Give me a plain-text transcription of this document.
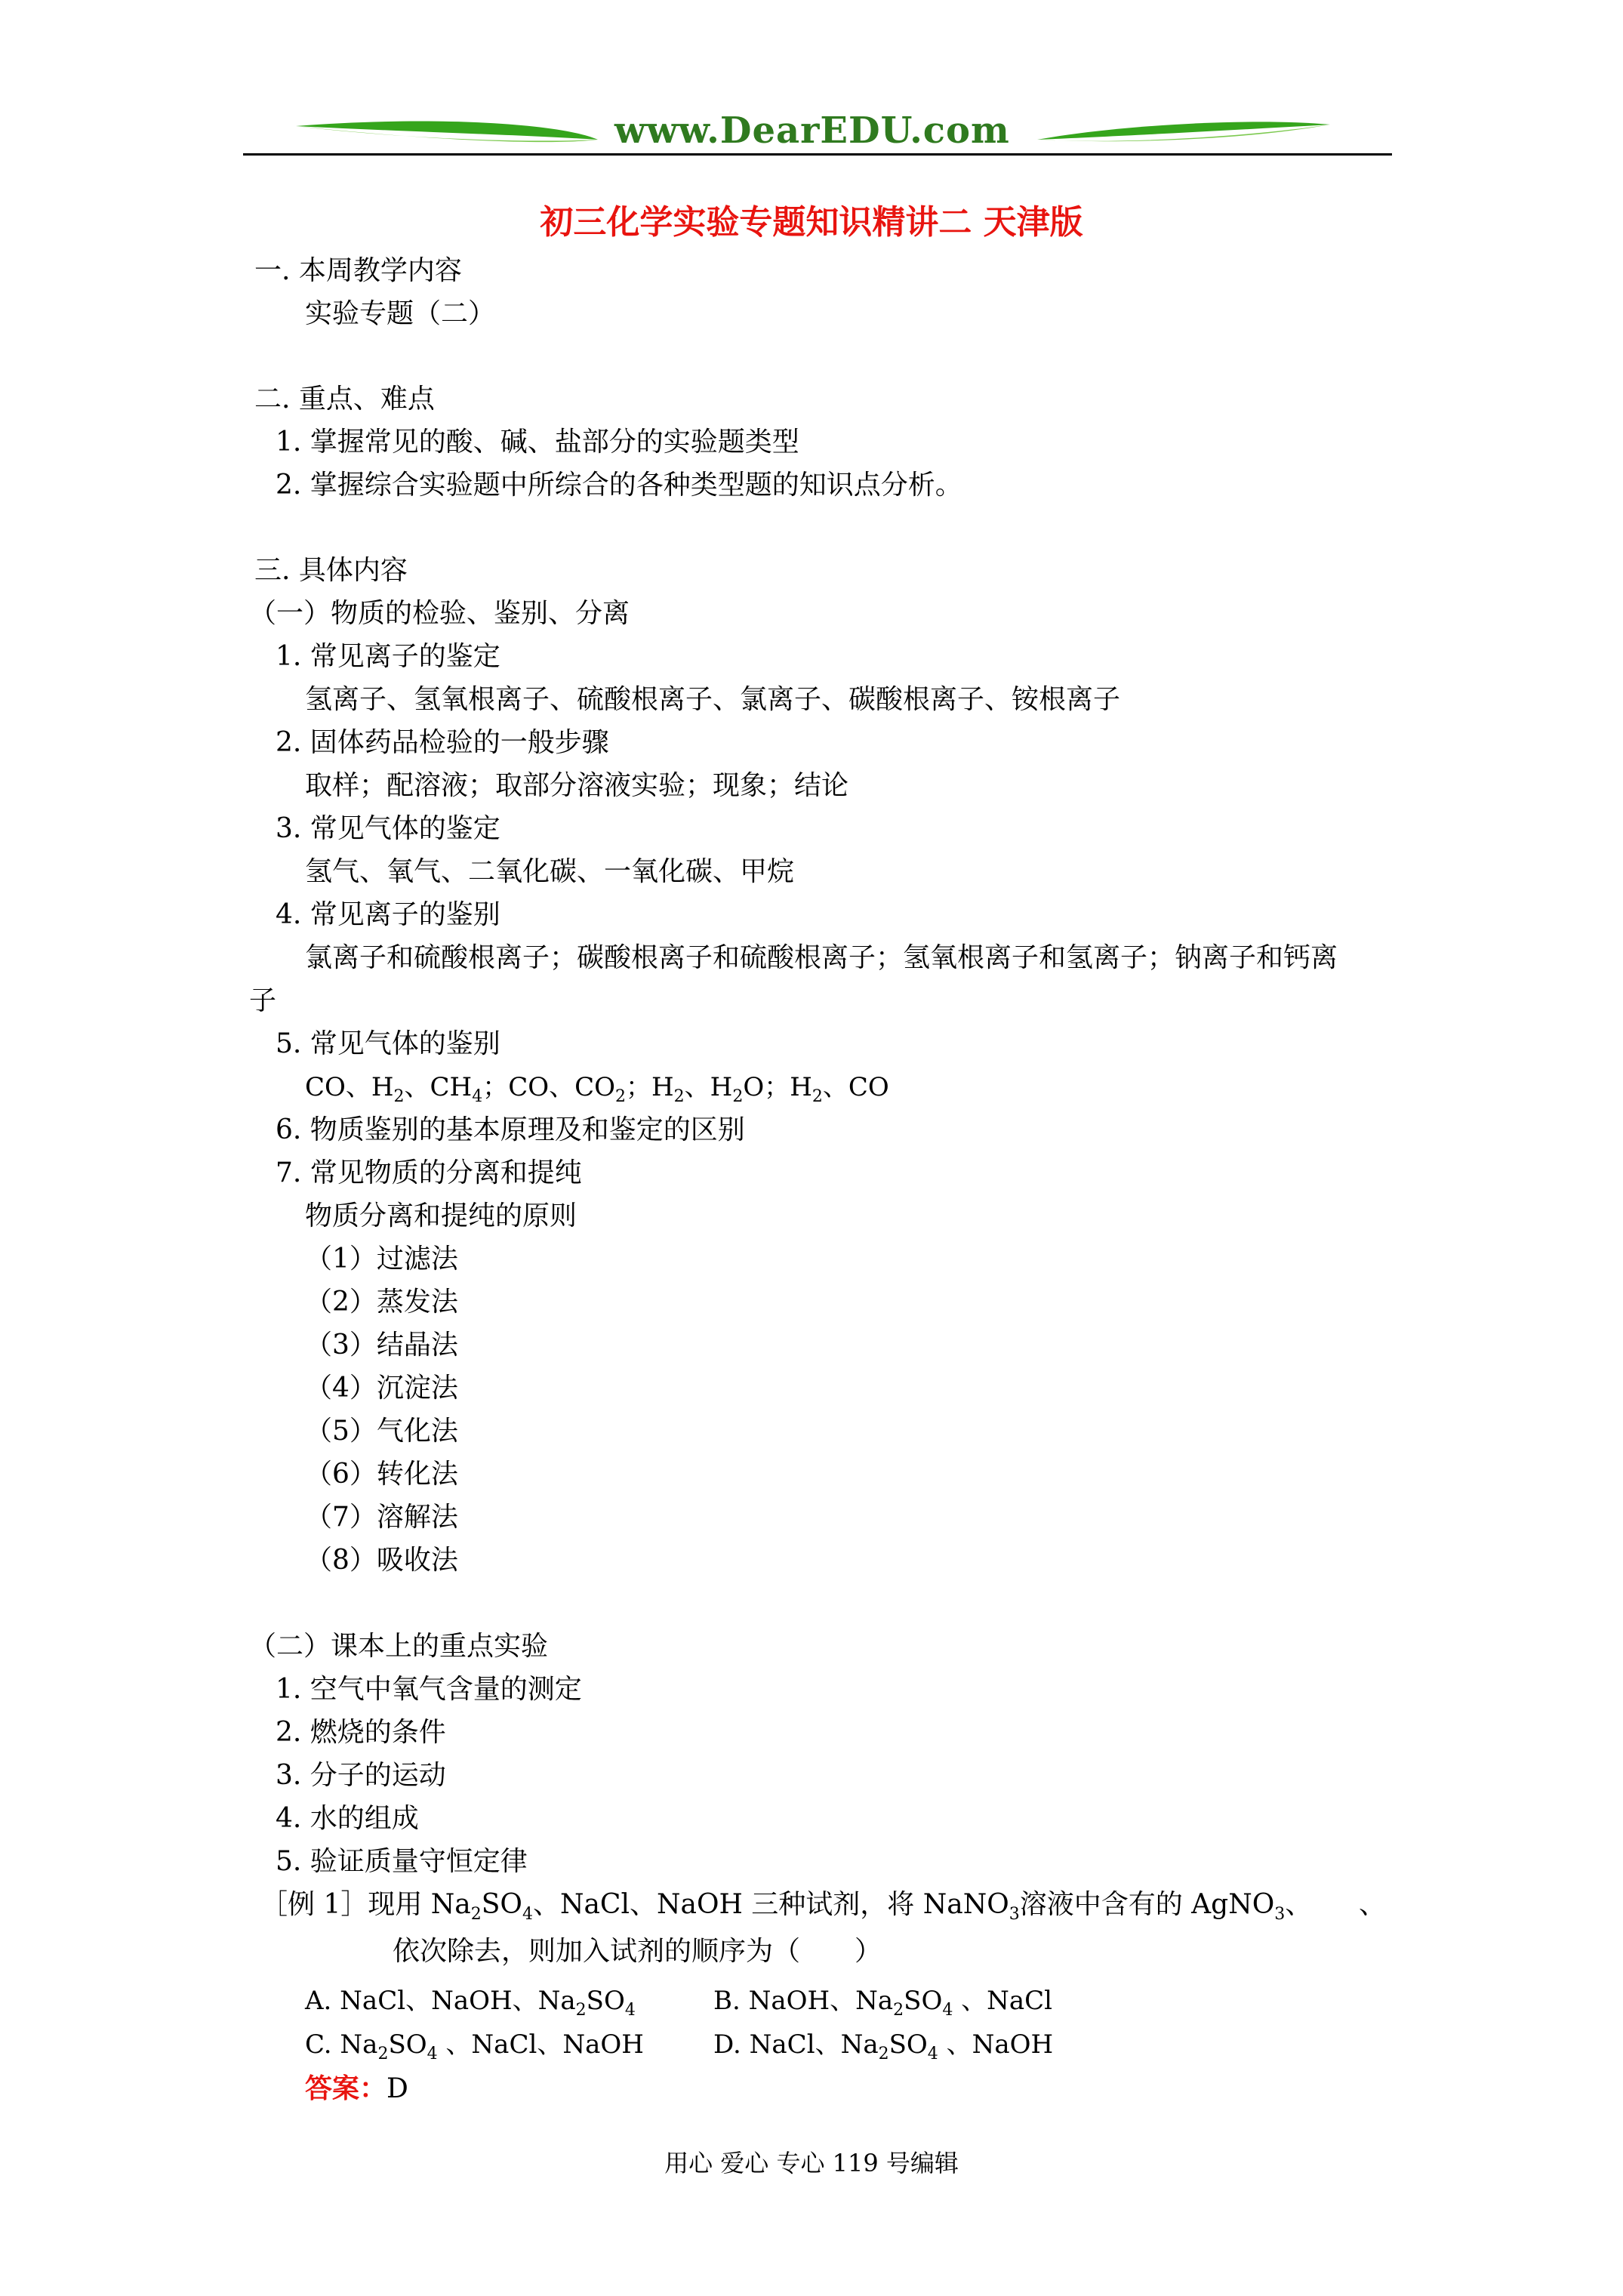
www.DearEDU.com
初三化学实验专题知识精讲二 天津版
一. 本周教学内容
实验专题（二）
二. 重点、难点
1. 掌握常见的酸、碱、盐部分的实验题类型
2. 掌握综合实验题中所综合的各种类型题的知识点分析。
三. 具体内容
（一）物质的检验、鉴别、分离
1. 常见离子的鉴定
氢离子、氢氧根离子、硫酸根离子、氯离子、碳酸根离子、铵根离子
2. 固体药品检验的一般步骤
取样；配溶液；取部分溶液实验；现象；结论
3. 常见气体的鉴定
氢气、氧气、二氧化碳、一氧化碳、甲烷
4. 常见离子的鉴别
氯离子和硫酸根离子；碳酸根离子和硫酸根离子；氢氧根离子和氢离子；钠离子和钙离
子
5. 常见气体的鉴别
CO、$H_2$、$CH_4$；CO、$CO_2$；$H_2$、$H_2O$；$H_2$、CO
6. 物质鉴别的基本原理及和鉴定的区别
7. 常见物质的分离和提纯
物质分离和提纯的原则
（1）过滤法
（2）蒸发法
（3）结晶法
（4）沉淀法
（5）气化法
（6）转化法
（7）溶解法
（8）吸收法
（二）课本上的重点实验
1. 空气中氧气含量的测定
2. 燃烧的条件
3. 分子的运动
4. 水的组成
5. 验证质量守恒定律
［例 1］现用 $Na_2SO_4$、NaCl、NaOH 三种试剂，将 NaNO$_3$溶液中含有的 AgNO$_3$、 、
依次除去，则加入试剂的顺序为（　　）
A. NaCl、NaOH、$Na_2SO_4$	B. NaOH、$Na_2SO_4$ 、NaCl
C. $Na_2SO_4$ 、NaCl、NaOH	D. NaCl、$Na_2SO_4$ 、NaOH
答案：D
用心 爱心 专心 119 号编辑
